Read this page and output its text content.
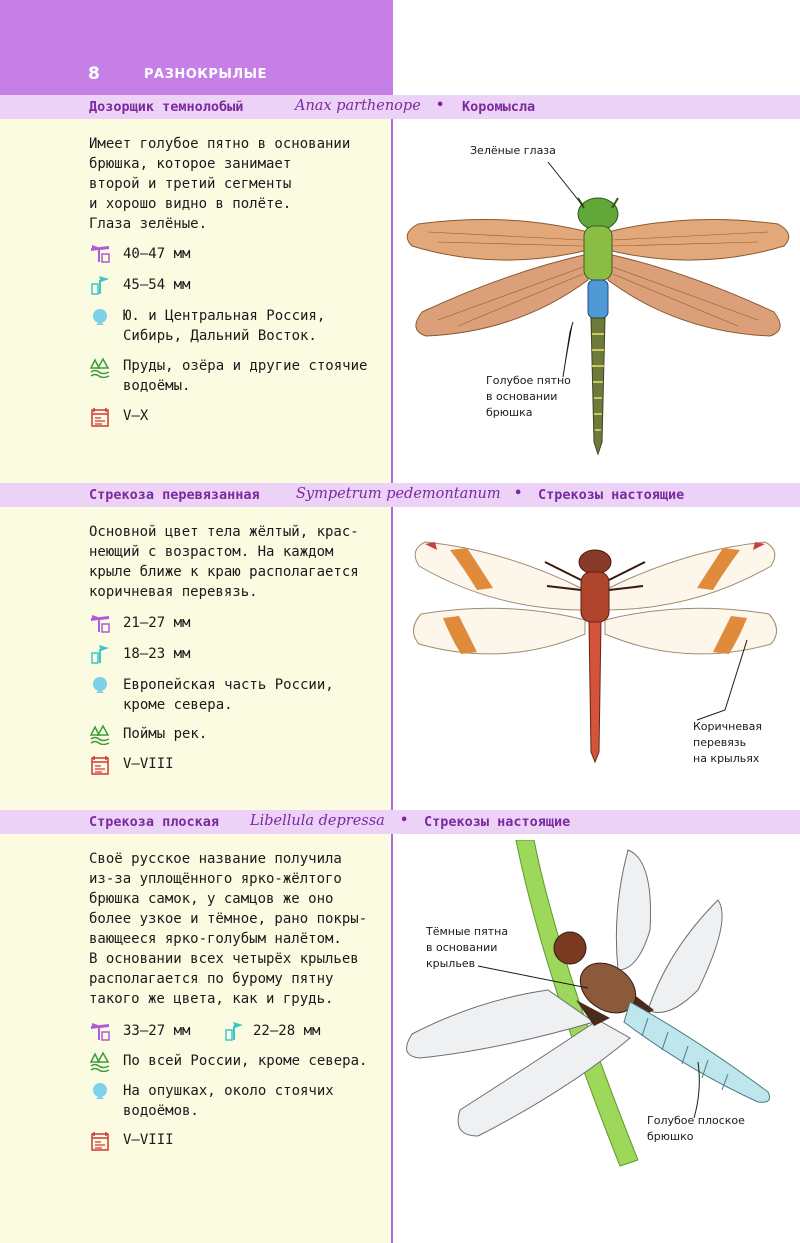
8	РАЗНОКРЫЛЫЕ
Дозорщик темнолобый	Anax parthenope • Коромысла
Имеет голубое пятно в основании
брюшка, которое занимает
второй и третий сегменты
и хорошо видно в полёте.
Глаза зелёные.
40–47 мм
45–54 мм
Ю. и Центральная Россия,
Сибирь, Дальний Восток.
Пруды, озёра и другие стоячие
водоёмы.
V–X
Зелёные глаза
Голубое пятно
в основании
брюшка
Стрекоза перевязанная	Sympetrum pedemontanum • Стрекозы настоящие
Основной цвет тела жёлтый, крас-
неющий с возрастом. На каждом
крыле ближе к краю располагается
коричневая перевязь.
21–27 мм
18–23 мм
Европейская часть России,
кроме севера.
Поймы рек.
V–VIII
Коричневая
перевязь
на крыльях
Стрекоза плоская Libellula depressa • Стрекозы настоящие
Своё русское название получила
из-за уплощённого ярко-жёлтого
брюшка самок, у самцов же оно
более узкое и тёмное, рано покры-
вающееся ярко-голубым налётом.
В основании всех четырёх крыльев
располагается по бурому пятну
такого же цвета, как и грудь.
33–27 мм	22–28 мм
По всей России, кроме севера.
На опушках, около стоячих
водоёмов.
V–VIII
Тёмные пятна
в основании
крыльев
Голубое плоское
брюшко
